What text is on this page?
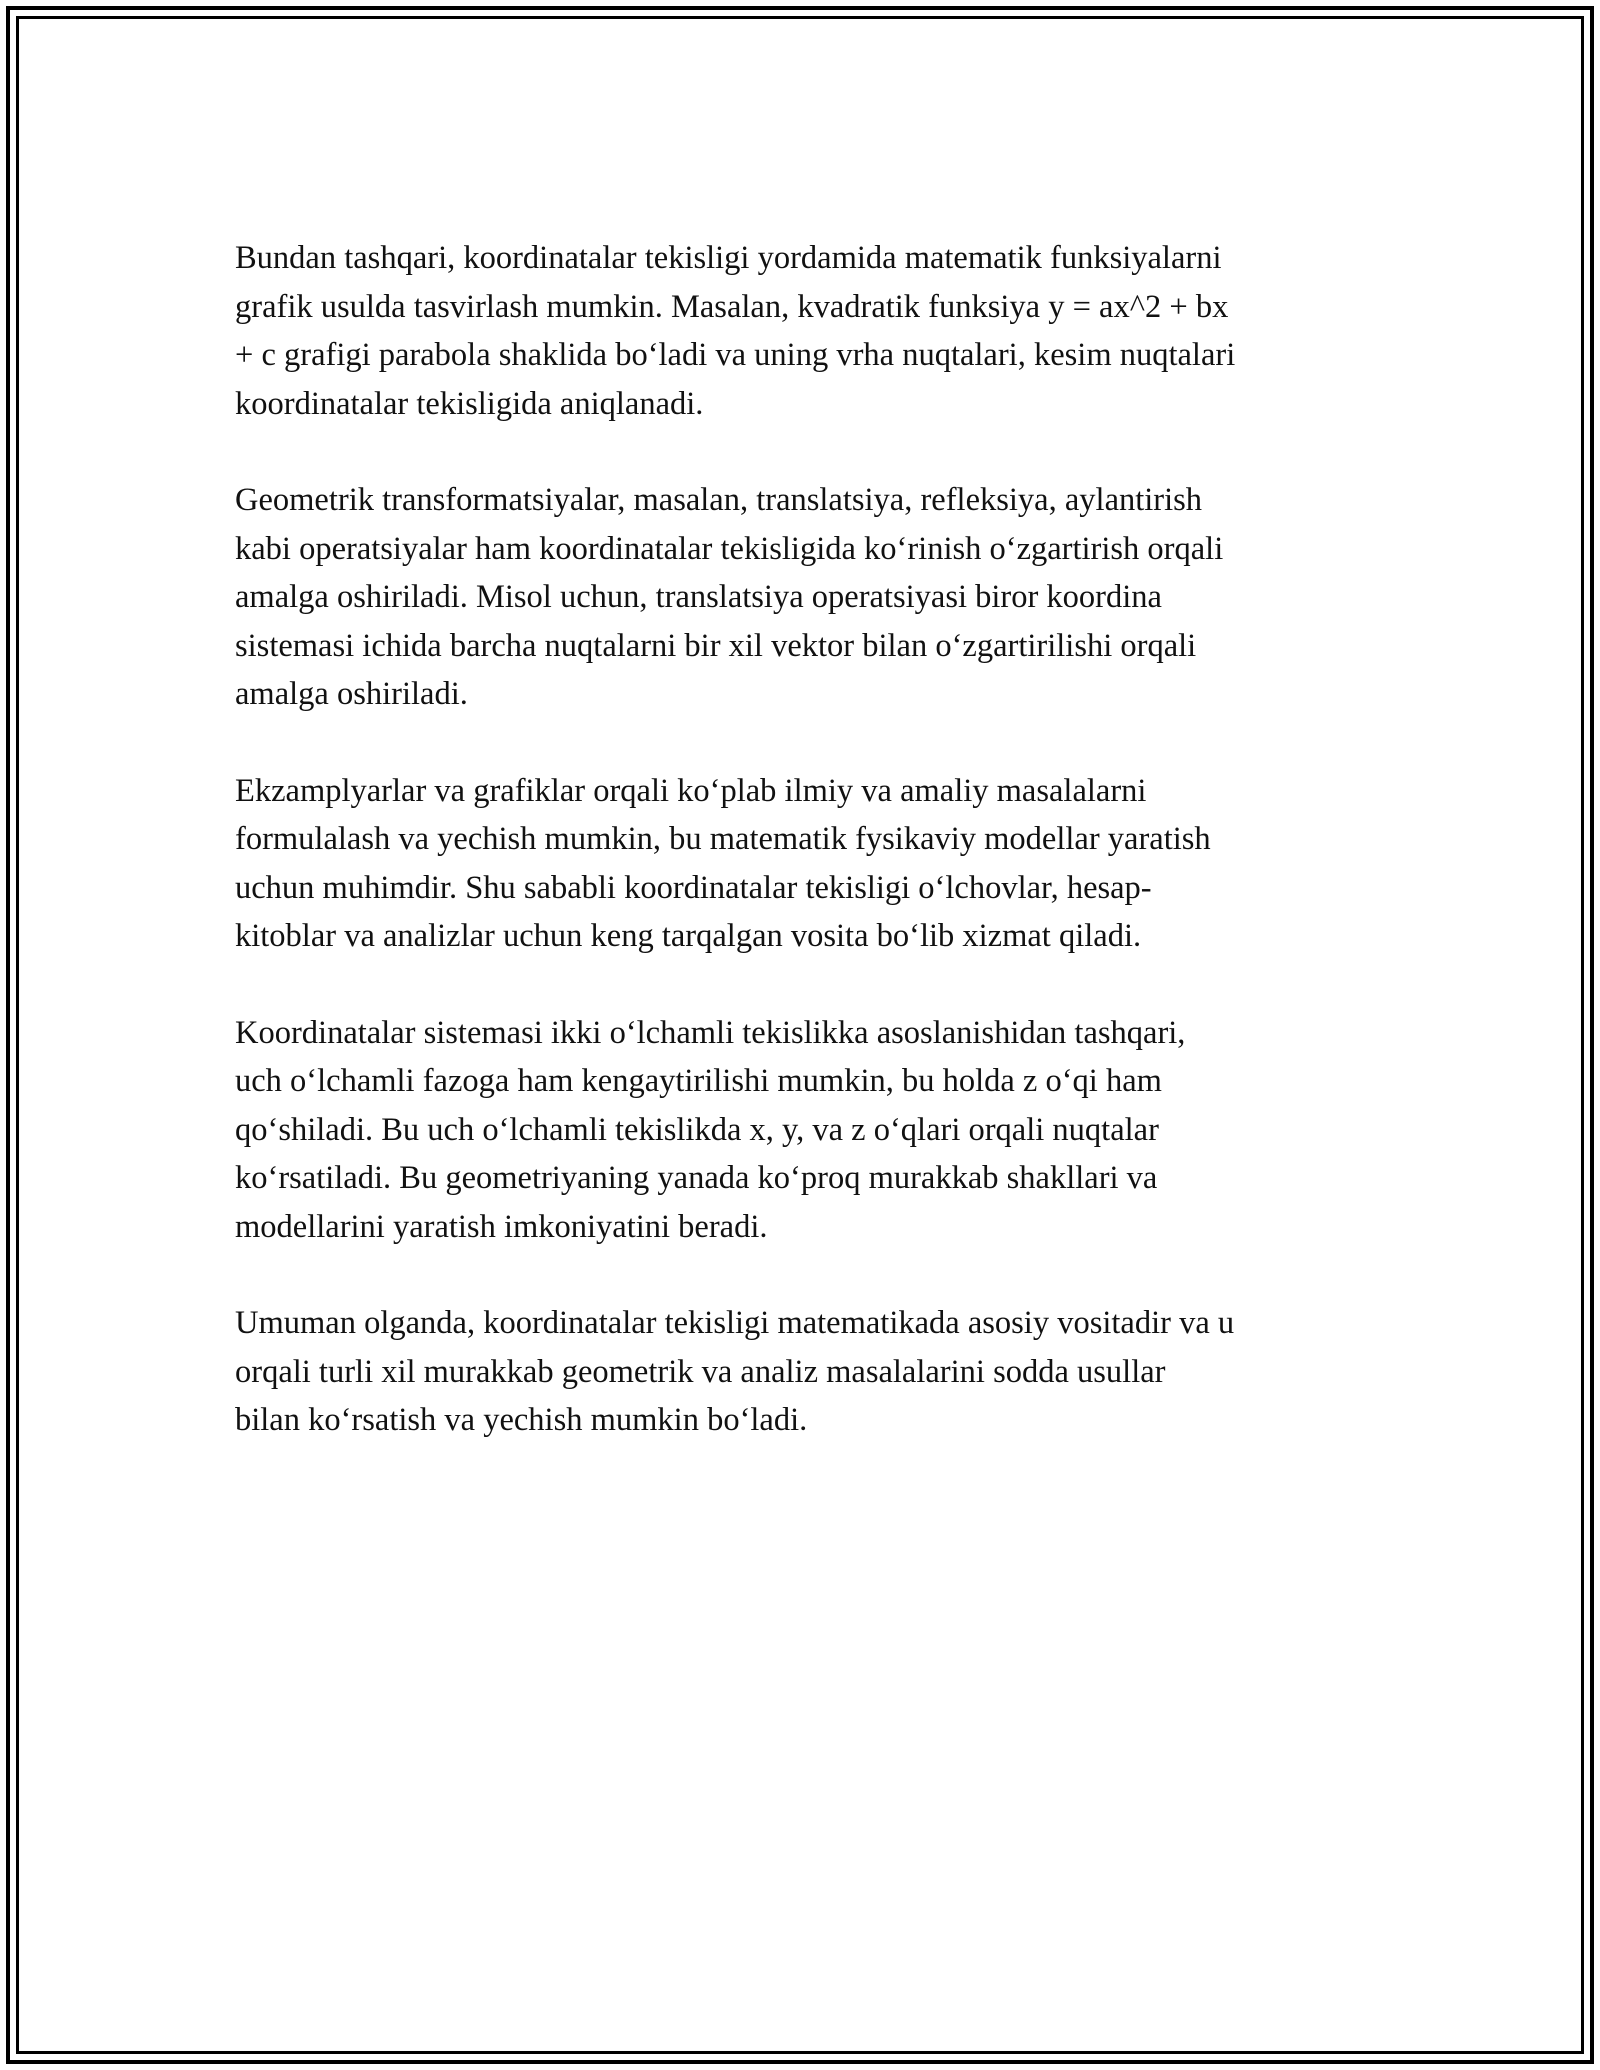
Bundan tashqari, koordinatalar tekisligi yordamida matematik funksiyalarni
grafik usulda tasvirlash mumkin. Masalan, kvadratik funksiya y = ax^2 + bx
+ c grafigi parabola shaklida bo‘ladi va uning vrha nuqtalari, kesim nuqtalari
koordinatalar tekisligida aniqlanadi.

Geometrik transformatsiyalar, masalan, translatsiya, refleksiya, aylantirish
kabi operatsiyalar ham koordinatalar tekisligida ko‘rinish o‘zgartirish orqali
amalga oshiriladi. Misol uchun, translatsiya operatsiyasi biror koordina
sistemasi ichida barcha nuqtalarni bir xil vektor bilan o‘zgartirilishi orqali
amalga oshiriladi.

Ekzamplyarlar va grafiklar orqali ko‘plab ilmiy va amaliy masalalarni
formulalash va yechish mumkin, bu matematik fysikaviy modellar yaratish
uchun muhimdir. Shu sababli koordinatalar tekisligi o‘lchovlar, hesap-
kitoblar va analizlar uchun keng tarqalgan vosita bo‘lib xizmat qiladi.

Koordinatalar sistemasi ikki o‘lchamli tekislikka asoslanishidan tashqari,
uch o‘lchamli fazoga ham kengaytirilishi mumkin, bu holda z o‘qi ham
qo‘shiladi. Bu uch o‘lchamli tekislikda x, y, va z o‘qlari orqali nuqtalar
ko‘rsatiladi. Bu geometriyaning yanada ko‘proq murakkab shakllari va
modellarini yaratish imkoniyatini beradi.

Umuman olganda, koordinatalar tekisligi matematikada asosiy vositadir va u
orqali turli xil murakkab geometrik va analiz masalalarini sodda usullar
bilan ko‘rsatish va yechish mumkin bo‘ladi.
